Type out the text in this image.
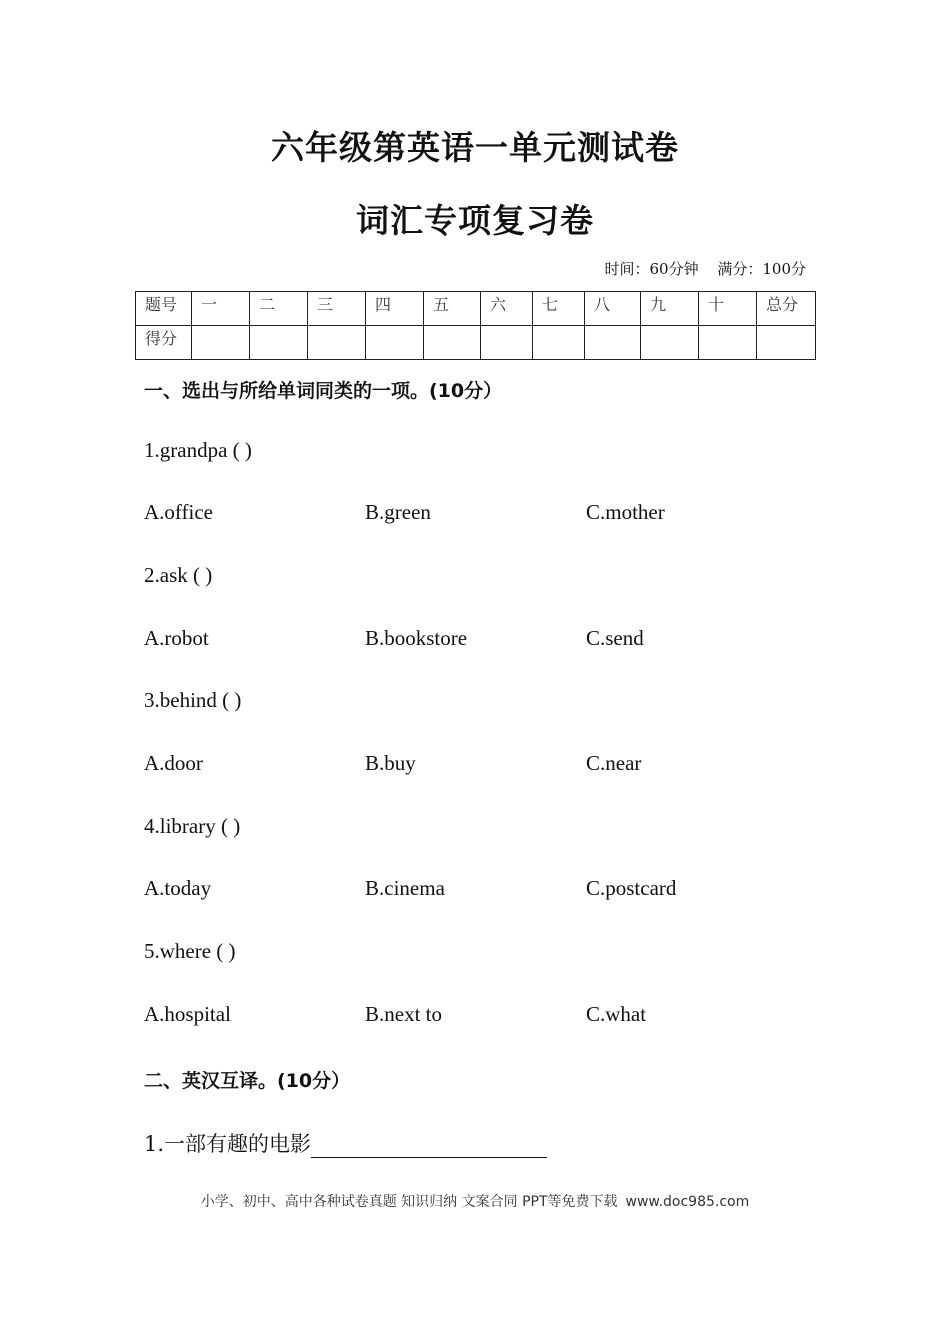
六年级第英语一单元测试卷
词汇专项复习卷
时间：60分钟 满分：100分
题号	一	二	三	四	五	六	七	八	九	十	总分
得分											
一、选出与所给单词同类的一项。(10分）
1.grandpa ( )
A.office	B.green	C.mother
2.ask ( )
A.robot	B.bookstore	C.send
3.behind ( )
A.door	B.buy	C.near
4.library ( )
A.today	B.cinema	C.postcard
5.where ( )
A.hospital	B.next to	C.what
二、英汉互译。(10分）
1.一部有趣的电影
小学、初中、高中各种试卷真题 知识归纳 文案合同 PPT等免费下载 www.doc985.com
